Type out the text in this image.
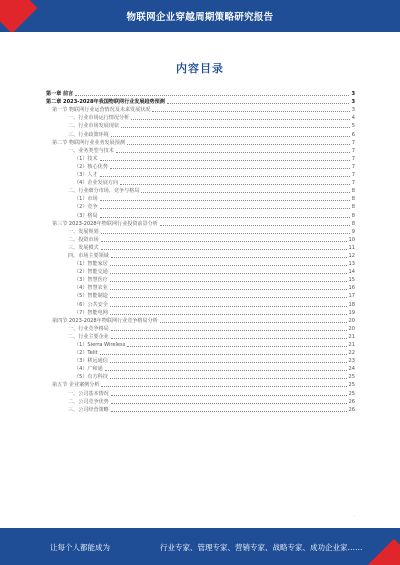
物联网企业穿越周期策略研究报告
内容目录
第一章 前言	3
第二章 2023-2028年我国物联网行业发展趋势预测	3
第一节 物联网行业运营情况及未来发展状况	3
一、行业市场运行情况分析	4
二、行业市场发展现状	5
三、行业政策环境	6
第二节 物联网行业业务发展预测	7
一、业务类型与技术	7
（1）技术	7
（2）核心优势	7
（3）人才	7
（4）企业发展方向	7
二、行业细分市场、竞争与格局	8
（1）市场	8
（2）竞争	8
（3）格局	8
第三节 2023-2028年物联网行业投资前景分析	8
一、发展规划	9
二、投资市场	10
三、发展模式	11
四、市场主要领域	12
（1）智能家居	13
（2）智能交通	14
（3）智慧医疗	15
（4）智慧农业	16
（5）智能制造	17
（6）公共安全	18
（7）智能电网	19
第四节 2023-2028年物联网行业竞争格局分析	20
一、行业竞争格局	20
二、行业主要企业	21
（1）Sierra Wireless	21
（2）Telit	22
（3）移远通信	23
（4）广和通	24
（5）有方科技	25
第五节 企业案例分析	25
一、公司基本情况	25
二、公司竞争优势	26
三、公司经营策略	26
·
让每个人都能成为	行业专家、管理专家、营销专家、战略专家、成功企业家……
